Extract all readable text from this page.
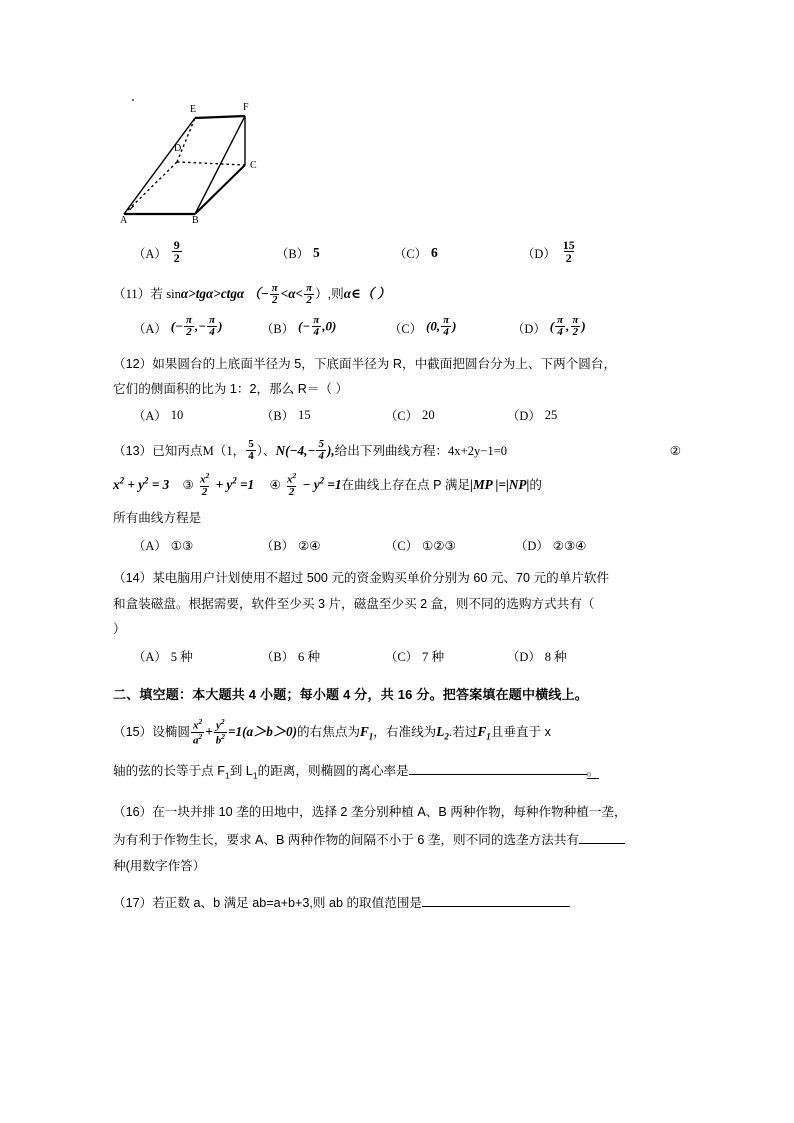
A	B
C
D
E	F
$(A) \frac{9}{2}$	（B） 5	（C） 6	$(D) \frac{15}{2}$
（11）若 sinα>tgα>ctgα （− $\frac{\pi}{2} <\alpha< \frac{\pi}{2}$ ）,则α∈（ ）
（A） (− $\frac{\pi}{2}$ ,− $\frac{\pi}{4}$ )	（B） (− $\frac{\pi}{4} ,0$)	（C） (0, $\frac{\pi}{4}$ )	（D） ( $\frac{\pi}{4}$ , $\frac{\pi}{2}$ )
（12）如果圆台的上底面半径为 5，下底面半径为 R，中截面把圆台分为上、下两个圆台，
它们的侧面积的比为 1：2，那么 R＝（ ）
（A） 10	（B） 15	（C） 20	（D） 25
（13）已知丙点M（1， $\frac{5}{4}$ ）、$N(-4,- \frac{5}{4}$ ),给出下列曲线方程：4x+2y−1=0	②
$x^2 + y^2 = 3$ ③ $\frac{x^2}{2} + y^2 =1$ ④ $\frac{x^2}{2} - y^2 =1$在曲线上存在点 P 满足|MP |=|NP|的
所有曲线方程是
（A） ①③	（B） ②④	（C） ①②③	（D） ②③④
（14）某电脑用户计划使用不超过 500 元的资金购买单价分别为 60 元、70 元的单片软件
和盒装磁盘。根据需要，软件至少买 3 片，磁盘至少买 2 盒，则不同的选购方式共有（
）
（A） 5 种	（B） 6 种	（C） 7 种	（D） 8 种
二、填空题：本大题共 4 小题；每小题 4 分，共 16 分。把答案填在题中横线上。
（15）设椭圆 $\frac{x^2}{a^2} + \frac{y^2}{b^2} =1(a>b>0)$的右焦点为$F_1$，右准线为$L_2$.若过$F_1$且垂直于 x
轴的弦的长等于点 $F_1$到 $L_1$的距离，则椭圆的离心率是	。
（16）在一块并排 10 垄的田地中，选择 2 垄分别种植 A、B 两种作物，每种作物种植一垄，
为有利于作物生长，要求 A、B 两种作物的间隔不小于 6 垄，则不同的选垄方法共有
种(用数字作答）
（17）若正数 a、b 满足 ab=a+b+3,则 ab 的取值范围是
